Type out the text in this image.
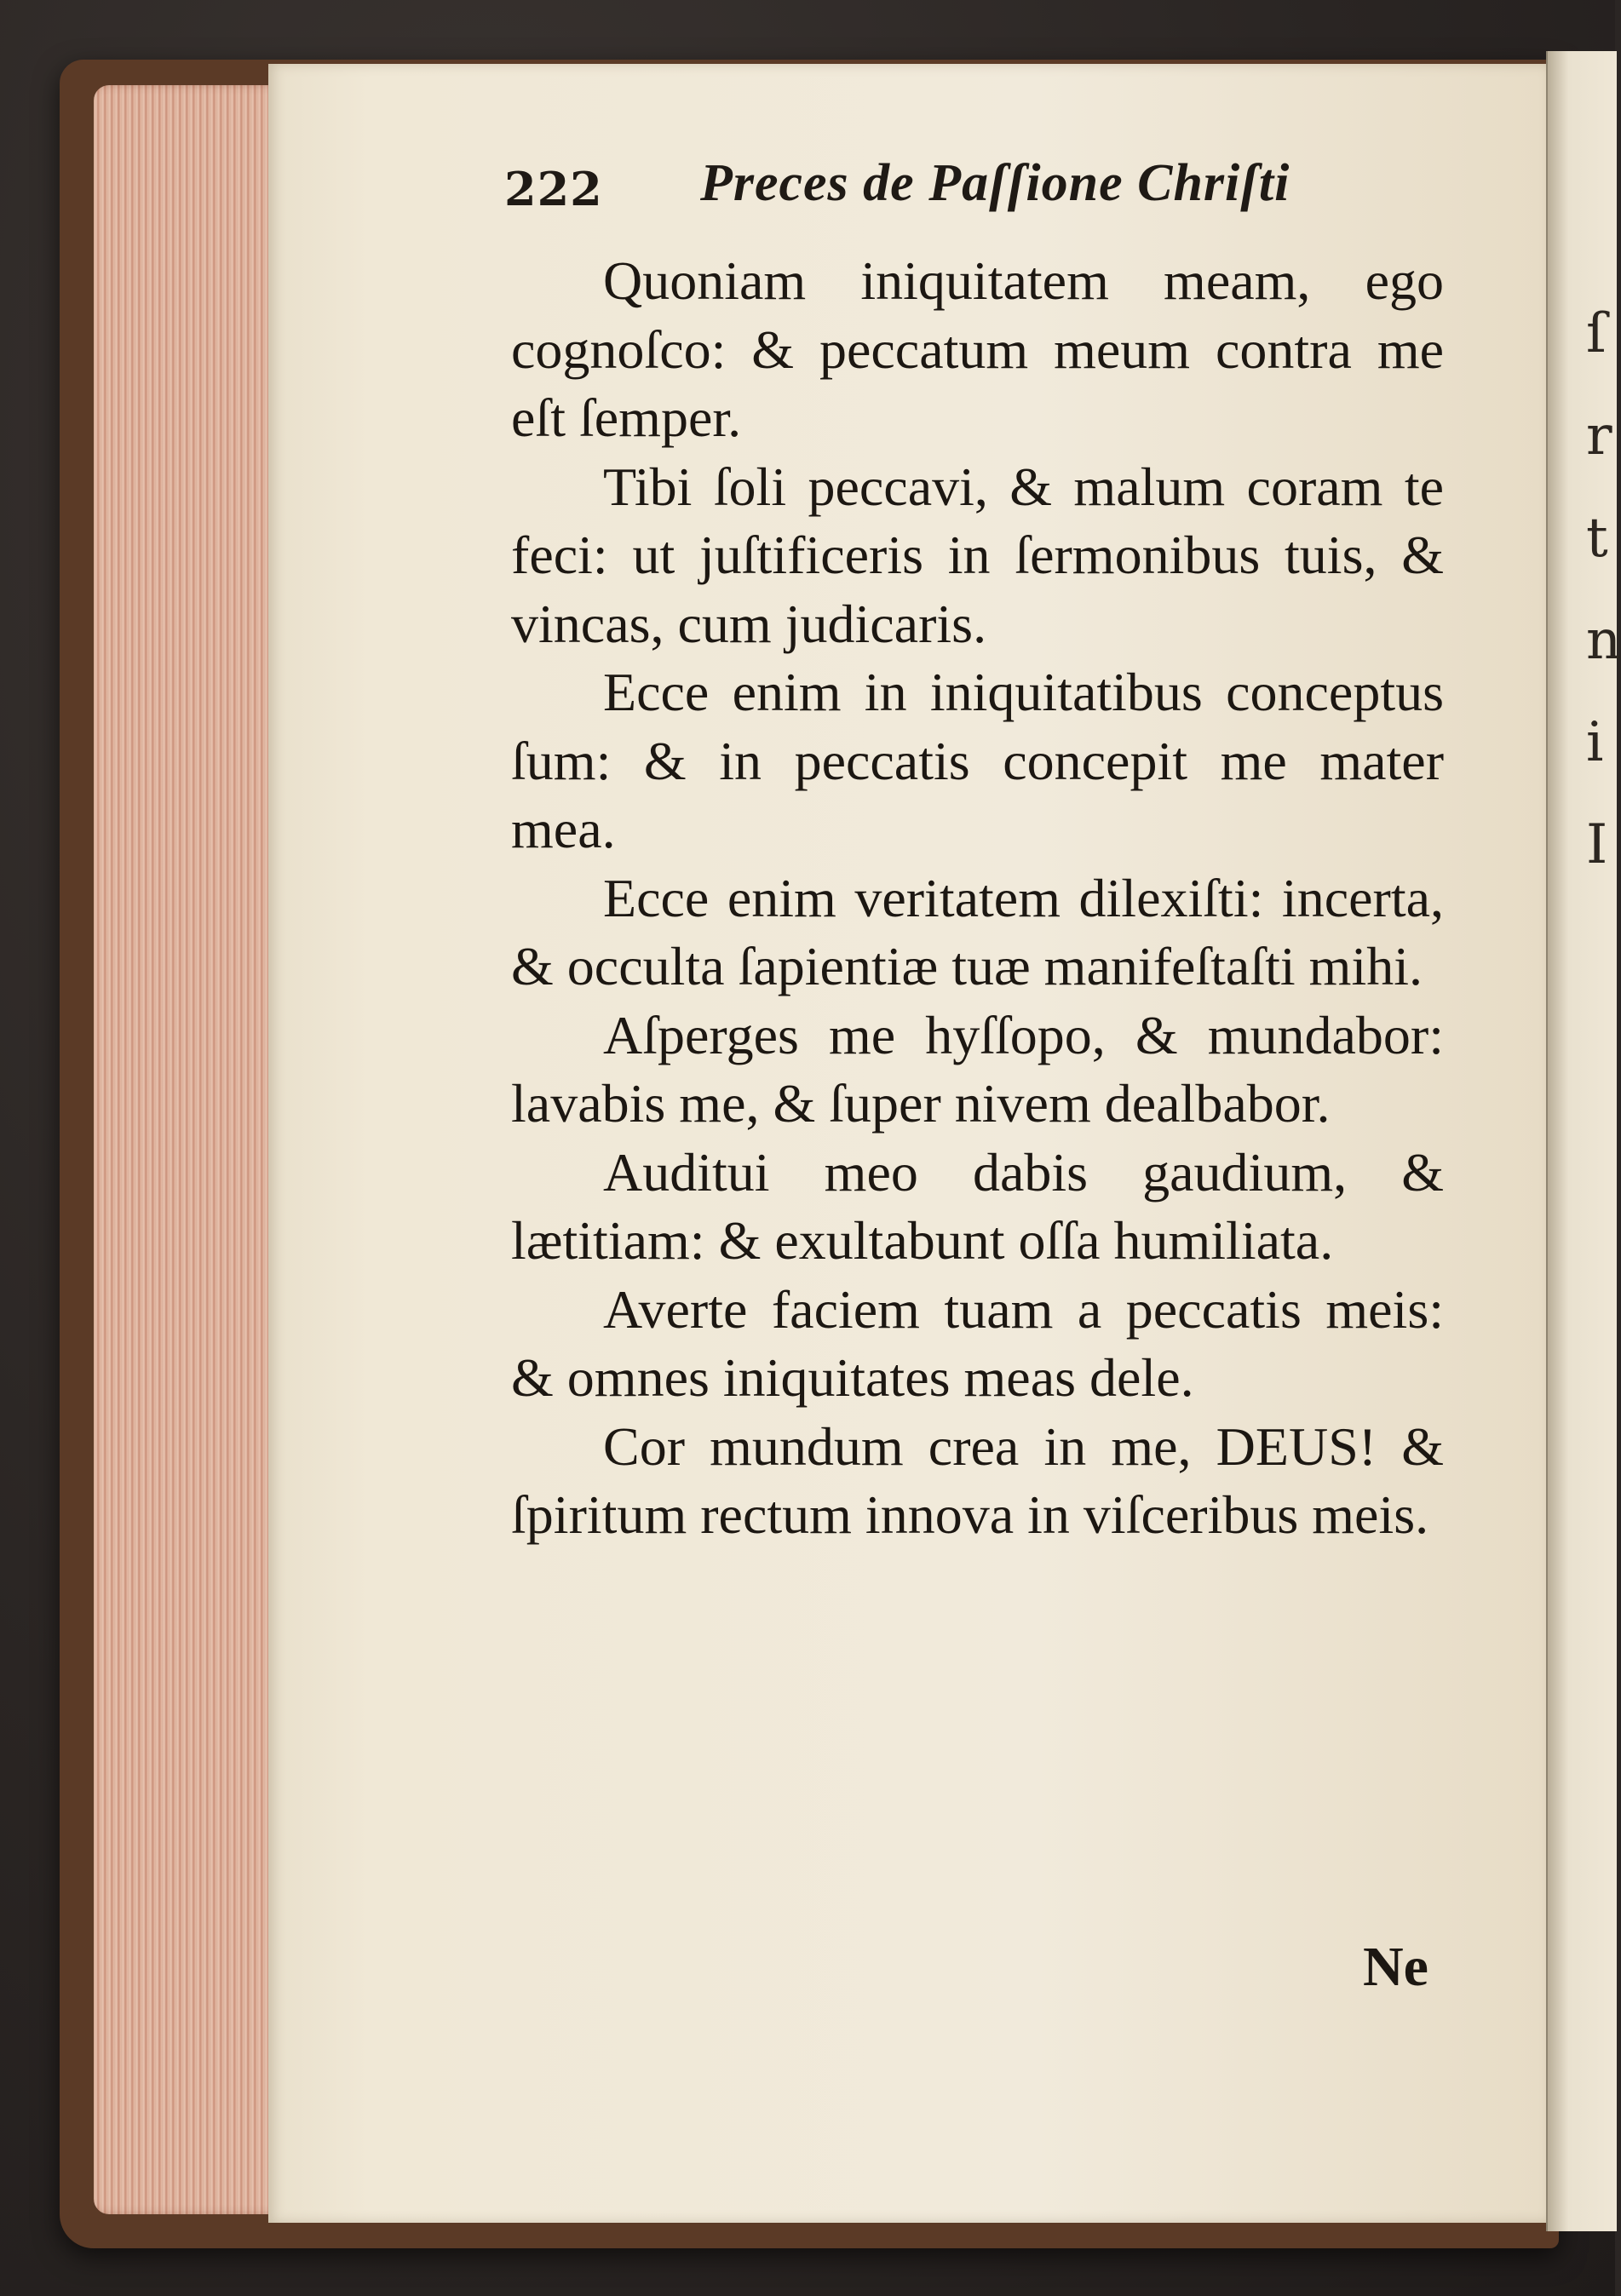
ſ
r
t
n
i
I
222 Preces de Paſſione Chriſti

Quoniam iniquitatem meam, ego cognoſco: & peccatum meum contra me eſt ſemper.

Tibi ſoli peccavi, & malum coram te feci: ut juſtificeris in ſermonibus tuis, & vincas, cum judicaris.

Ecce enim in iniquitatibus conceptus ſum: & in peccatis concepit me mater mea.

Ecce enim veritatem dilexiſti: incerta, & occulta ſapientiæ tuæ manifeſtaſti mihi.

Aſperges me hyſſopo, & mundabor: lavabis me, & ſuper nivem dealbabor.

Auditui meo dabis gaudium, & lætitiam: & exultabunt oſſa humiliata.

Averte faciem tuam a peccatis meis: & omnes iniquitates meas dele.

Cor mundum crea in me, DEUS! & ſpiritum rectum innova in viſceribus meis.

Ne
